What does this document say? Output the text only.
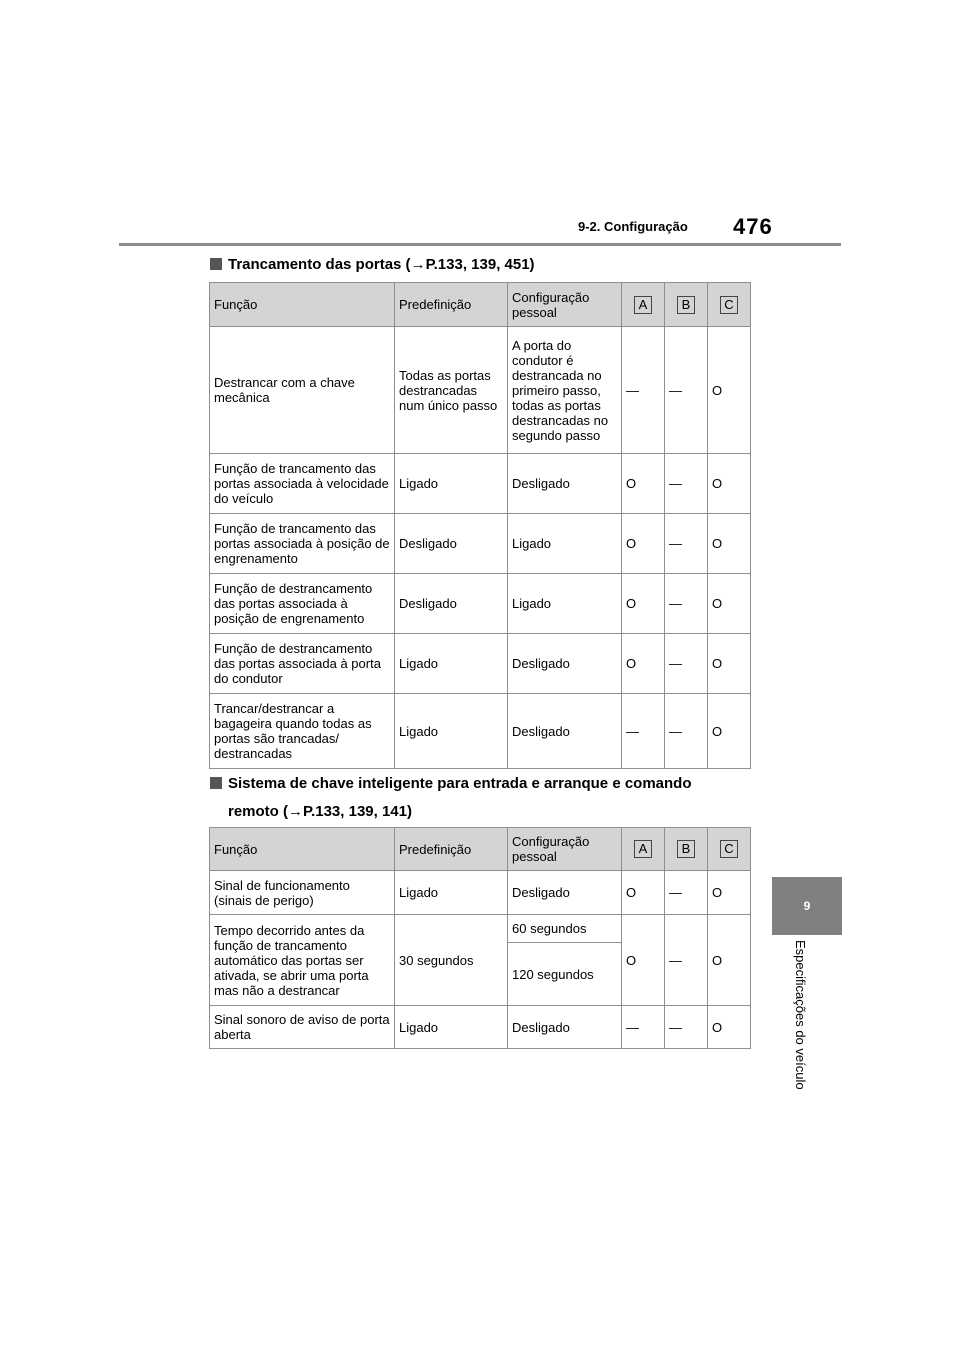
9-2. Configuração 476
9
Especificações do veículo
Trancamento das portas (→P.133, 139, 451)
Função	Predefinição	Configuração pessoal	A	B	C
Destrancar com a chave mecânica	Todas as portas destrancadas num único passo	A porta do condutor é destrancada no primeiro passo, todas as portas destrancadas no segundo passo	—	—	O
Função de trancamento das portas associada à velocidade do veículo	Ligado	Desligado	O	—	O
Função de trancamento das portas associada à posição de engrenamento	Desligado	Ligado	O	—	O
Função de destrancamento das portas associada à posição de engrenamento	Desligado	Ligado	O	—	O
Função de destrancamento das portas associada à porta do condutor	Ligado	Desligado	O	—	O
Trancar/destrancar a bagageira quando todas as portas são trancadas/ destrancadas	Ligado	Desligado	—	—	O
Sistema de chave inteligente para entrada e arranque e comando
remoto (→P.133, 139, 141)
Função	Predefinição	Configuração pessoal	A	B	C
Sinal de funcionamento (sinais de perigo)	Ligado	Desligado	O	—	O
Tempo decorrido antes da função de trancamento automático das portas ser ativada, se abrir uma porta mas não a destrancar	30 segundos	60 segundos	O	—	O
		120 segundos			
Sinal sonoro de aviso de porta aberta	Ligado	Desligado	—	—	O
